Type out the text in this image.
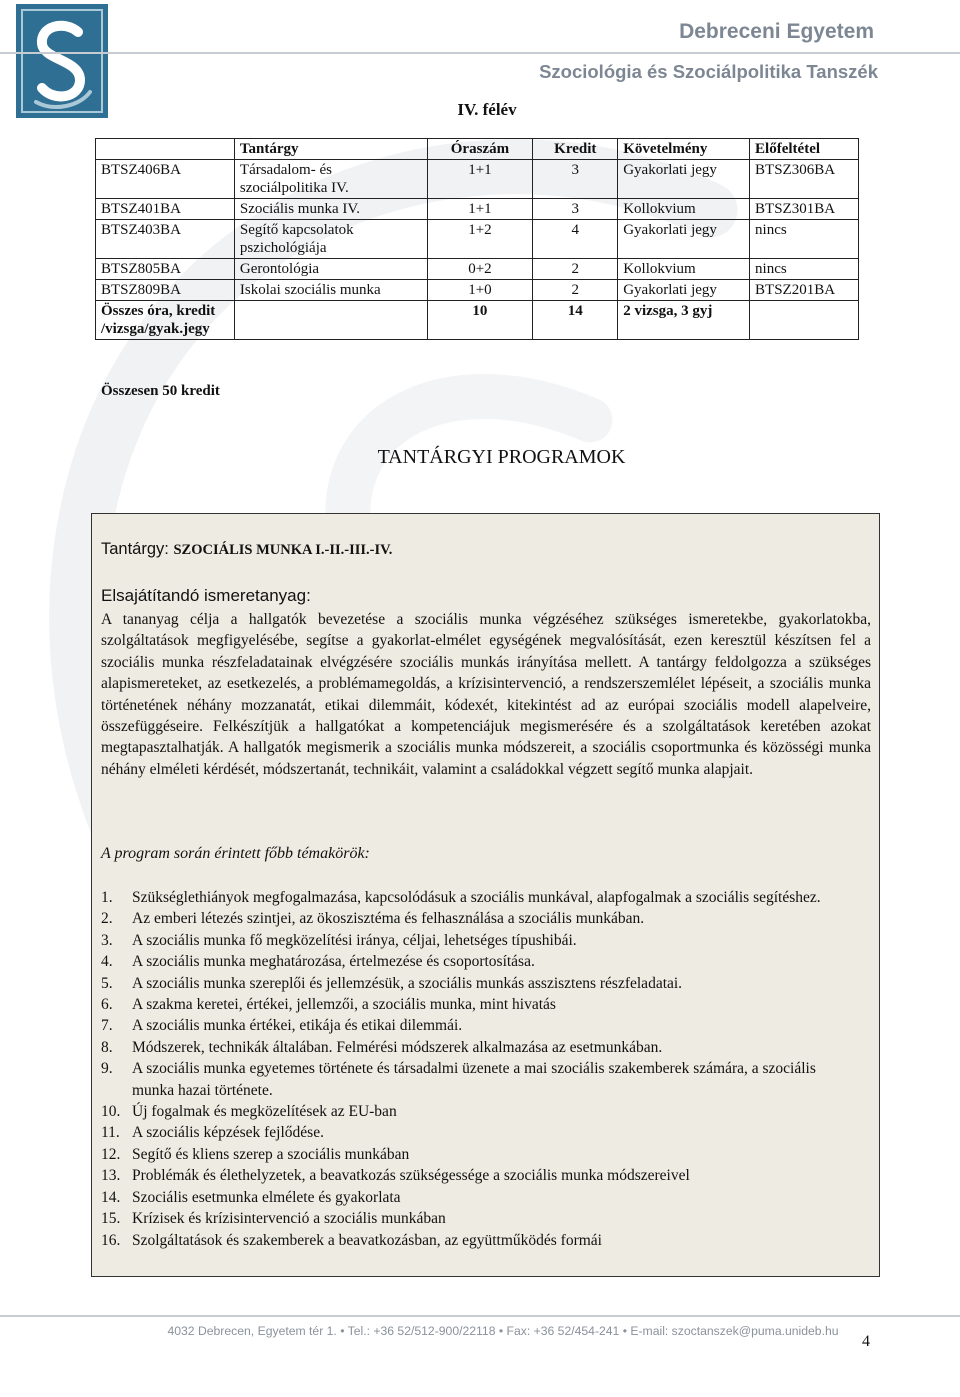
Debreceni Egyetem
Szociológia és Szociálpolitika Tanszék
IV. félév
	Tantárgy	Óraszám	Kredit	Követelmény	Előfeltétel
BTSZ406BA	Társadalom- és szociálpolitika IV.	1+1	3	Gyakorlati jegy	BTSZ306BA
BTSZ401BA	Szociális munka IV.	1+1	3	Kollokvium	BTSZ301BA
BTSZ403BA	Segítő kapcsolatok pszichológiája	1+2	4	Gyakorlati jegy	nincs
BTSZ805BA	Gerontológia	0+2	2	Kollokvium	nincs
BTSZ809BA	Iskolai szociális munka	1+0	2	Gyakorlati jegy	BTSZ201BA
Összes óra, kredit /vizsga/gyak.jegy		10	14	2 vizsga, 3 gyj	
Összesen 50 kredit
TANTÁRGYI PROGRAMOK
Tantárgy: SZOCIÁLIS MUNKA I.-II.-III.-IV.
Elsajátítandó ismeretanyag:

A tananyag célja a hallgatók bevezetése a szociális munka végzéséhez szükséges ismeretekbe, gyakorlatokba, szolgáltatások megfigyelésébe, segítse a gyakorlat-elmélet egységének megvalósítását, ezen keresztül készítsen fel a szociális munka részfeladatainak elvégzésére szociális munkás irányítása mellett. A tantárgy feldolgozza a szükséges alapismereteket, az esetkezelés, a problémamegoldás, a krízisintervenció, a rendszerszemlélet lépéseit, a szociális munka történetének néhány mozzanatát, etikai dilemmáit, kódexét, kitekintést ad az európai szociális modell alapelveire, összefüggéseire. Felkészítjük a hallgatókat a kompetenciájuk megismerésére és a szolgáltatások keretében azokat megtapasztalhatják. A hallgatók megismerik a szociális munka módszereit, a szociális csoportmunka és közösségi munka néhány elméleti kérdését, módszertanát, technikáit, valamint a családokkal végzett segítő munka alapjait.

A program során érintett főbb témakörök:
1.	Szükséglethiányok megfogalmazása, kapcsolódásuk a szociális munkával, alapfogalmak a szociális segítéshez.
2.	Az emberi létezés szintjei, az ökoszisztéma és felhasználása a szociális munkában.
3.	A szociális munka fő megközelítési iránya, céljai, lehetséges típushibái.
4.	A szociális munka meghatározása, értelmezése és csoportosítása.
5.	A szociális munka szereplői és jellemzésük, a szociális munkás asszisztens részfeladatai.
6.	A szakma keretei, értékei, jellemzői, a szociális munka, mint hivatás
7.	A szociális munka értékei, etikája és etikai dilemmái.
8.	Módszerek, technikák általában. Felmérési módszerek alkalmazása az esetmunkában.
9.	A szociális munka egyetemes története és társadalmi üzenete a mai szociális szakemberek számára, a szociális munka hazai története.
10. Új fogalmak és megközelítések az EU-ban
11. A szociális képzések fejlődése.
12. Segítő és kliens szerep a szociális munkában
13. Problémák és élethelyzetek, a beavatkozás szükségessége a szociális munka módszereivel
14. Szociális esetmunka elmélete és gyakorlata
15. Krízisek és krízisintervenció a szociális munkában
16. Szolgáltatások és szakemberek a beavatkozásban, az együttműködés formái
4032 Debrecen, Egyetem tér 1. • Tel.: +36 52/512-900/22118 • Fax: +36 52/454-241 • E-mail: szoctanszek@puma.unideb.hu
4
